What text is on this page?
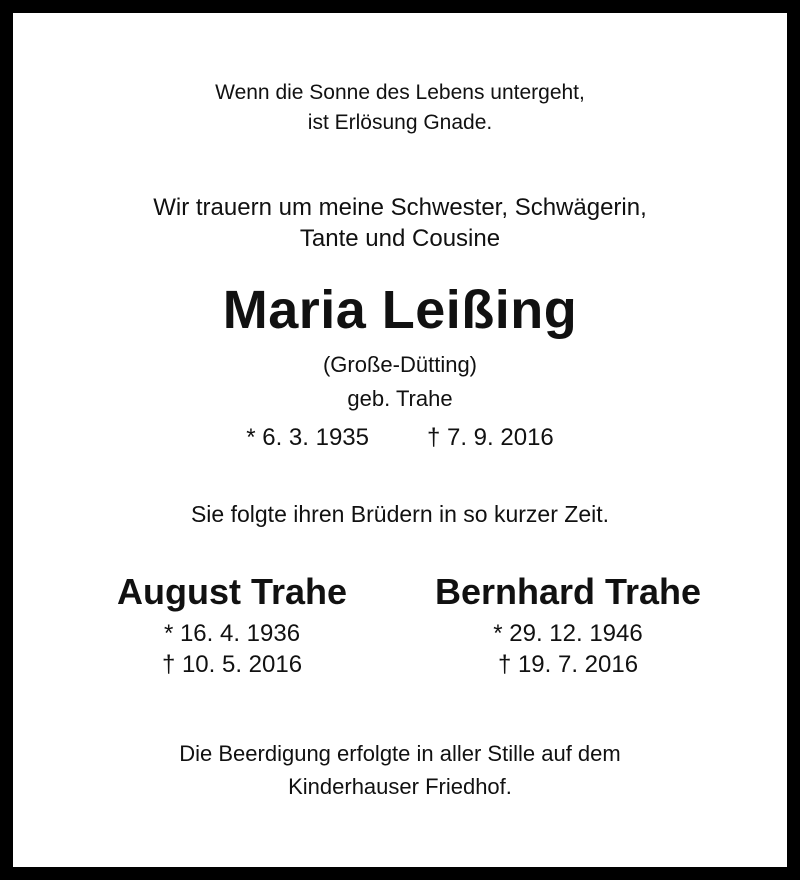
Wenn die Sonne des Lebens untergeht,

ist Erlösung Gnade.

Wir trauern um meine Schwester, Schwägerin,

Tante und Cousine

Maria Leißing

(Große-Dütting)

geb. Trahe

* 6. 3. 1935 † 7. 9. 2016

Sie folgte ihren Brüdern in so kurzer Zeit.

August Trahe

* 16. 4. 1936

† 10. 5. 2016

Bernhard Trahe

* 29. 12. 1946

† 19. 7. 2016

Die Beerdigung erfolgte in aller Stille auf dem

Kinderhauser Friedhof.
